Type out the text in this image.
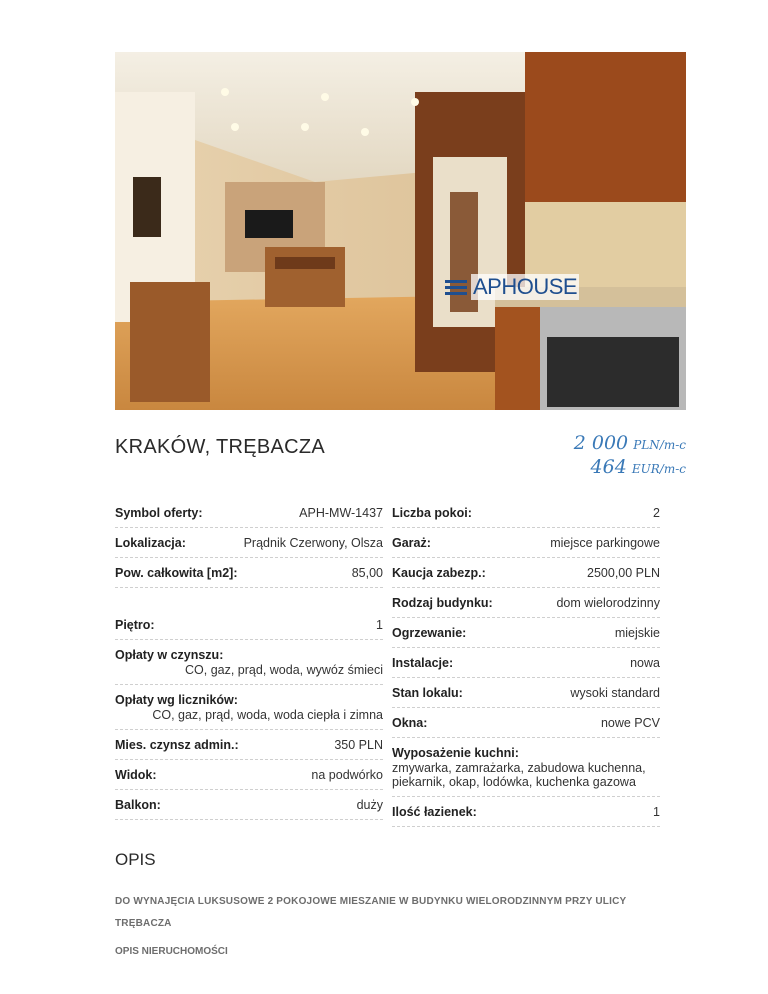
APHOUSE
KRAKÓW, TRĘBACZA	2 000 PLN/m-c
464 EUR/m-c
Symbol oferty:	APH-MW-1437
Lokalizacja:	Prądnik Czerwony, Olsza
Pow. całkowita [m2]:	85,00
Piętro:	1
Opłaty w czynszu:
CO, gaz, prąd, woda, wywóz śmieci
Opłaty wg liczników:
CO, gaz, prąd, woda, woda ciepła i zimna
Mies. czynsz admin.:	350 PLN
Widok:	na podwórko
Balkon:	duży
Liczba pokoi:	2
Garaż:	miejsce parkingowe
Kaucja zabezp.:	2500,00 PLN
Rodzaj budynku:	dom wielorodzinny
Ogrzewanie:	miejskie
Instalacje:	nowa
Stan lokalu:	wysoki standard
Okna:	nowe PCV
Wyposażenie kuchni:
zmywarka, zamrażarka, zabudowa kuchenna, piekarnik, okap, lodówka, kuchenka gazowa
Ilość łazienek:	1
OPIS
DO WYNAJĘCIA LUKSUSOWE 2 POKOJOWE MIESZANIE W BUDYNKU WIELORODZINNYM PRZY ULICY TRĘBACZA
OPIS NIERUCHOMOŚCI
